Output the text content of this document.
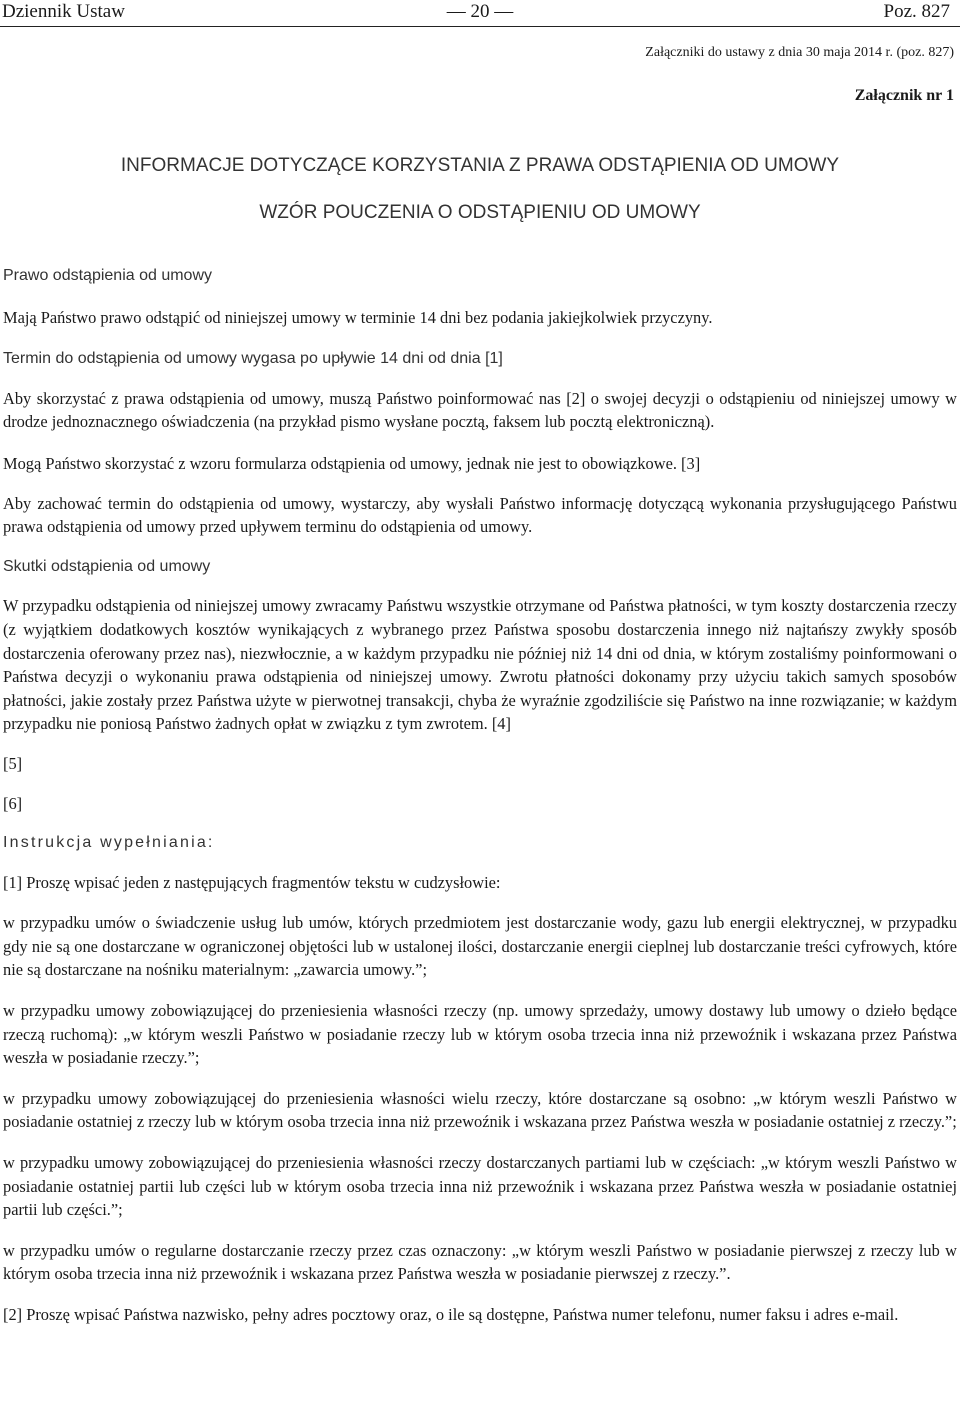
Dziennik Ustaw	— 20 —	Poz. 827
Załączniki do ustawy z dnia 30 maja 2014 r. (poz. 827)
Załącznik nr 1
INFORMACJE DOTYCZĄCE KORZYSTANIA Z PRAWA ODSTĄPIENIA OD UMOWY
WZÓR POUCZENIA O ODSTĄPIENIU OD UMOWY

Prawo odstąpienia od umowy

Mają Państwo prawo odstąpić od niniejszej umowy w terminie 14 dni bez podania jakiejkolwiek przyczyny.

Termin do odstąpienia od umowy wygasa po upływie 14 dni od dnia [1]

Aby skorzystać z prawa odstąpienia od umowy, muszą Państwo poinformować nas [2] o swojej decyzji o odstąpieniu od niniejszej umowy w drodze jednoznacznego oświadczenia (na przykład pismo wysłane pocztą, faksem lub pocztą elektroniczną).

Mogą Państwo skorzystać z wzoru formularza odstąpienia od umowy, jednak nie jest to obowiązkowe. [3]

Aby zachować termin do odstąpienia od umowy, wystarczy, aby wysłali Państwo informację dotyczącą wykonania przysługującego Państwu prawa odstąpienia od umowy przed upływem terminu do odstąpienia od umowy.

Skutki odstąpienia od umowy

W przypadku odstąpienia od niniejszej umowy zwracamy Państwu wszystkie otrzymane od Państwa płatności, w tym koszty dostarczenia rzeczy (z wyjątkiem dodatkowych kosztów wynikających z wybranego przez Państwa sposobu dostarczenia innego niż najtańszy zwykły sposób dostarczenia oferowany przez nas), niezwłocznie, a w każdym przypadku nie później niż 14 dni od dnia, w którym zostaliśmy poinformowani o Państwa decyzji o wykonaniu prawa odstąpienia od niniejszej umowy. Zwrotu płatności dokonamy przy użyciu takich samych sposobów płatności, jakie zostały przez Państwa użyte w pierwotnej transakcji, chyba że wyraźnie zgodziliście się Państwo na inne rozwiązanie; w każdym przypadku nie poniosą Państwo żadnych opłat w związku z tym zwrotem. [4]

[5]

[6]

Instrukcja wypełniania:

[1] Proszę wpisać jeden z następujących fragmentów tekstu w cudzysłowie:

w przypadku umów o świadczenie usług lub umów, których przedmiotem jest dostarczanie wody, gazu lub energii elektrycznej, w przypadku gdy nie są one dostarczane w ograniczonej objętości lub w ustalonej ilości, dostarczanie energii cieplnej lub dostarczanie treści cyfrowych, które nie są dostarczane na nośniku materialnym: „zawarcia umowy.”;

w przypadku umowy zobowiązującej do przeniesienia własności rzeczy (np. umowy sprzedaży, umowy dostawy lub umowy o dzieło będące rzeczą ruchomą): „w którym weszli Państwo w posiadanie rzeczy lub w którym osoba trzecia inna niż przewoźnik i wskazana przez Państwa weszła w posiadanie rzeczy.”;

w przypadku umowy zobowiązującej do przeniesienia własności wielu rzeczy, które dostarczane są osobno: „w którym weszli Państwo w posiadanie ostatniej z rzeczy lub w którym osoba trzecia inna niż przewoźnik i wskazana przez Państwa weszła w posiadanie ostatniej z rzeczy.”;

w przypadku umowy zobowiązującej do przeniesienia własności rzeczy dostarczanych partiami lub w częściach: „w którym weszli Państwo w posiadanie ostatniej partii lub części lub w którym osoba trzecia inna niż przewoźnik i wskazana przez Państwa weszła w posiadanie ostatniej partii lub części.”;

w przypadku umów o regularne dostarczanie rzeczy przez czas oznaczony: „w którym weszli Państwo w posiadanie pierwszej z rzeczy lub w którym osoba trzecia inna niż przewoźnik i wskazana przez Państwa weszła w posiadanie pierwszej z rzeczy.”.

[2] Proszę wpisać Państwa nazwisko, pełny adres pocztowy oraz, o ile są dostępne, Państwa numer telefonu, numer faksu i adres e-mail.
